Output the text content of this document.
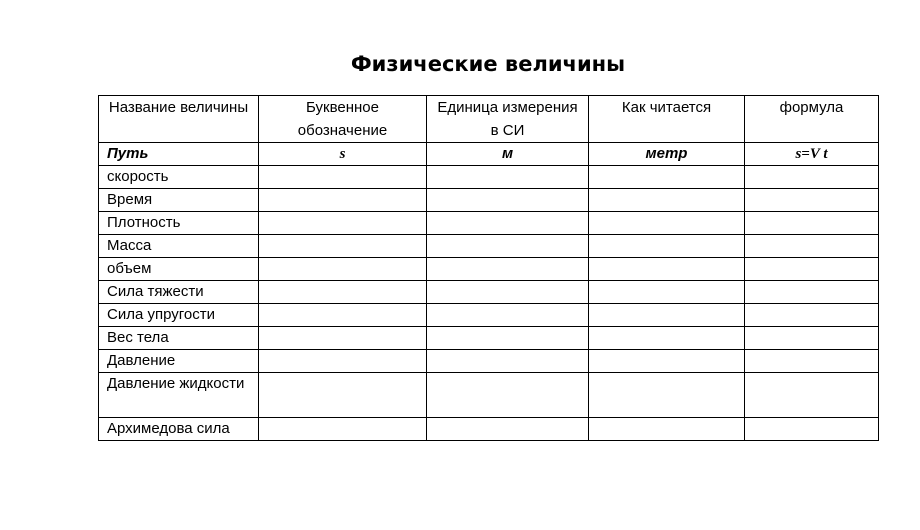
Физические величины
Название величины	Буквенное обозначение	Единица измерения в СИ	Как читается	формула

Путь	s	м	метр	s=V t
скорость				
Время				
Плотность				
Масса				
объем				
Сила тяжести				
Сила упругости				
Вес тела				
Давление				
Давление жидкости				
Архимедова сила				
